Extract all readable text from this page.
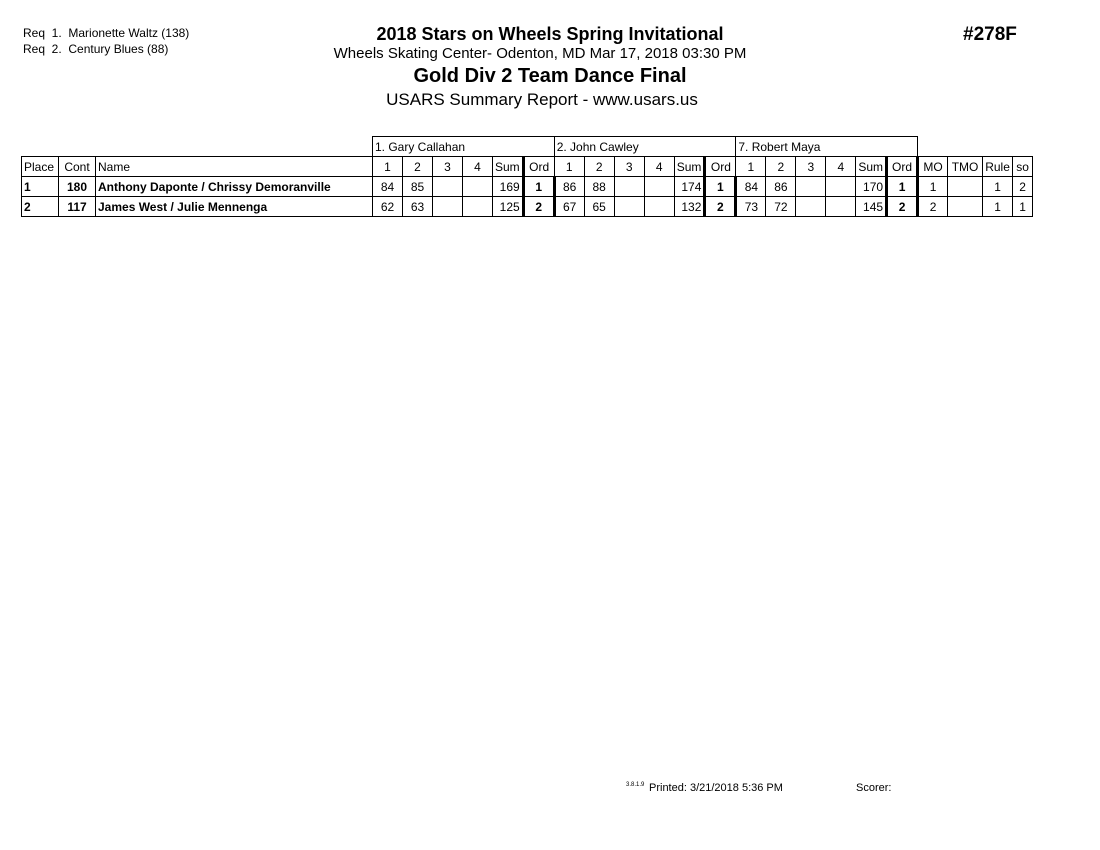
Req  1.  Marionette Waltz (138)
Req  2.  Century Blues (88)
2018 Stars on Wheels Spring Invitational
Wheels Skating Center- Odenton, MD Mar 17, 2018 03:30 PM
Gold Div 2 Team Dance Final
USARS Summary Report - www.usars.us
#278F
			1. Gary Callahan						2. John Cawley						7. Robert Maya									
Place	Cont	Name	1	2	3	4	Sum	Ord	1	2	3	4	Sum	Ord	1	2	3	4	Sum	Ord	MO	TMO	Rule	so
1	180	Anthony Daponte / Chrissy Demoranville	84	85			169	1	86	88			174	1	84	86			170	1	1		1	2
2	117	James West / Julie Mennenga	62	63			125	2	67	65			132	2	73	72			145	2	2		1	1
3.8.1.9 Printed: 3/21/2018 5:36 PM	Scorer:
